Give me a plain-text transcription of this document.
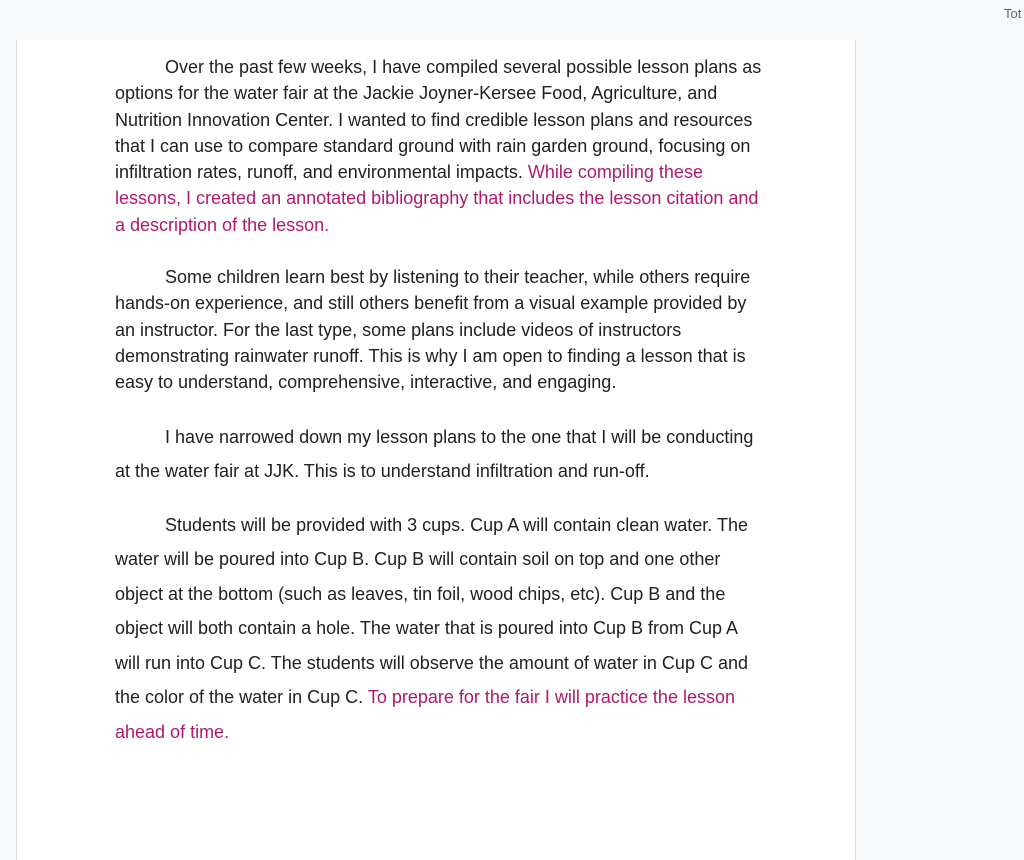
Tot

Over the past few weeks, I have compiled several possible lesson plans as options for the water fair at the Jackie Joyner-Kersee Food, Agriculture, and Nutrition Innovation Center. I wanted to find credible lesson plans and resources that I can use to compare standard ground with rain garden ground, focusing on infiltration rates, runoff, and environmental impacts. While compiling these lessons, I created an annotated bibliography that includes the lesson citation and a description of the lesson.

Some children learn best by listening to their teacher, while others require hands-on experience, and still others benefit from a visual example provided by an instructor. For the last type, some plans include videos of instructors demonstrating rainwater runoff. This is why I am open to finding a lesson that is easy to understand, comprehensive, interactive, and engaging.

I have narrowed down my lesson plans to the one that I will be conducting at the water fair at JJK. This is to understand infiltration and run-off.

Students will be provided with 3 cups. Cup A will contain clean water. The water will be poured into Cup B. Cup B will contain soil on top and one other object at the bottom (such as leaves, tin foil, wood chips, etc). Cup B and the object will both contain a hole. The water that is poured into Cup B from Cup A will run into Cup C. The students will observe the amount of water in Cup C and the color of the water in Cup C. To prepare for the fair I will practice the lesson ahead of time.
